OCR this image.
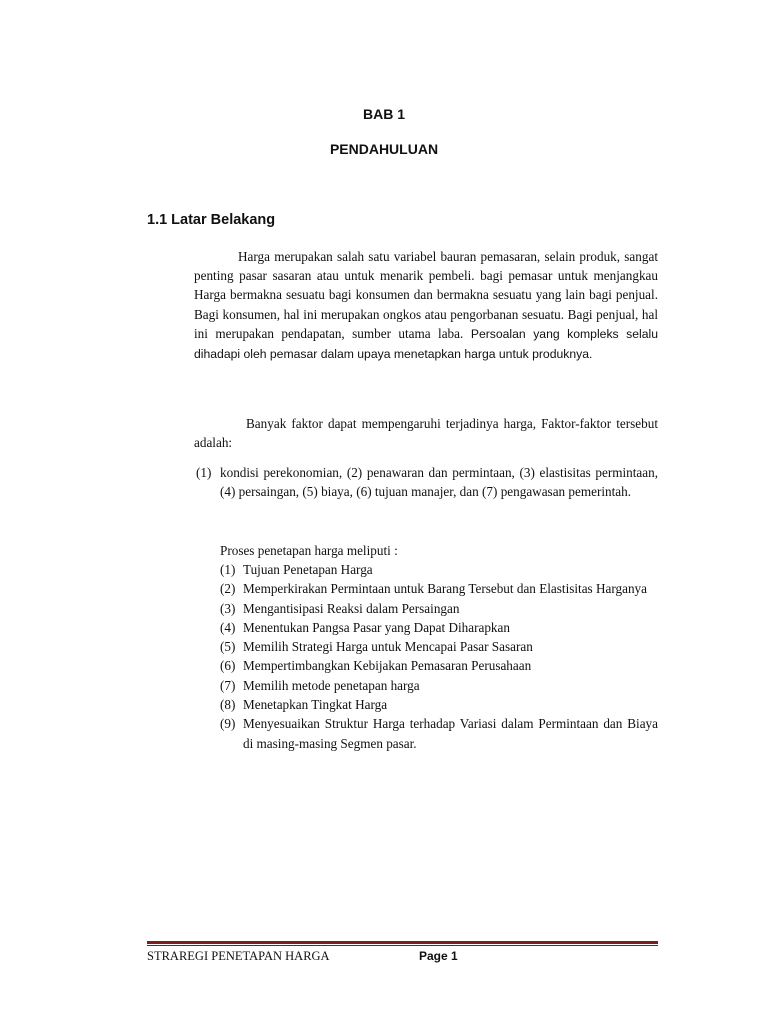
BAB 1
PENDAHULUAN
1.1 Latar Belakang
Harga merupakan salah satu variabel bauran pemasaran, selain produk, sangat penting pasar sasaran atau untuk menarik pembeli. bagi pemasar untuk menjangkau Harga bermakna sesuatu bagi konsumen dan bermakna sesuatu yang lain bagi penjual. Bagi konsumen, hal ini merupakan ongkos atau pengorbanan sesuatu. Bagi penjual, hal ini merupakan pendapatan, sumber utama laba. Persoalan yang kompleks selalu dihadapi oleh pemasar dalam upaya menetapkan harga untuk produknya.
Banyak faktor dapat mempengaruhi terjadinya harga, Faktor-faktor tersebut adalah:
(1) kondisi perekonomian, (2) penawaran dan permintaan, (3) elastisitas permintaan, (4) persaingan, (5) biaya, (6) tujuan manajer, dan (7) pengawasan pemerintah.
Proses penetapan harga meliputi :
(1) Tujuan Penetapan Harga
(2) Memperkirakan Permintaan untuk Barang Tersebut dan Elastisitas Harganya
(3) Mengantisipasi Reaksi dalam Persaingan
(4) Menentukan Pangsa Pasar yang Dapat Diharapkan
(5) Memilih Strategi Harga untuk Mencapai Pasar Sasaran
(6) Mempertimbangkan Kebijakan Pemasaran Perusahaan
(7) Memilih metode penetapan harga
(8) Menetapkan Tingkat Harga
(9) Menyesuaikan Struktur Harga terhadap Variasi dalam Permintaan dan Biaya di masing-masing Segmen pasar.
STRAREGI PENETAPAN HARGA	Page 1
